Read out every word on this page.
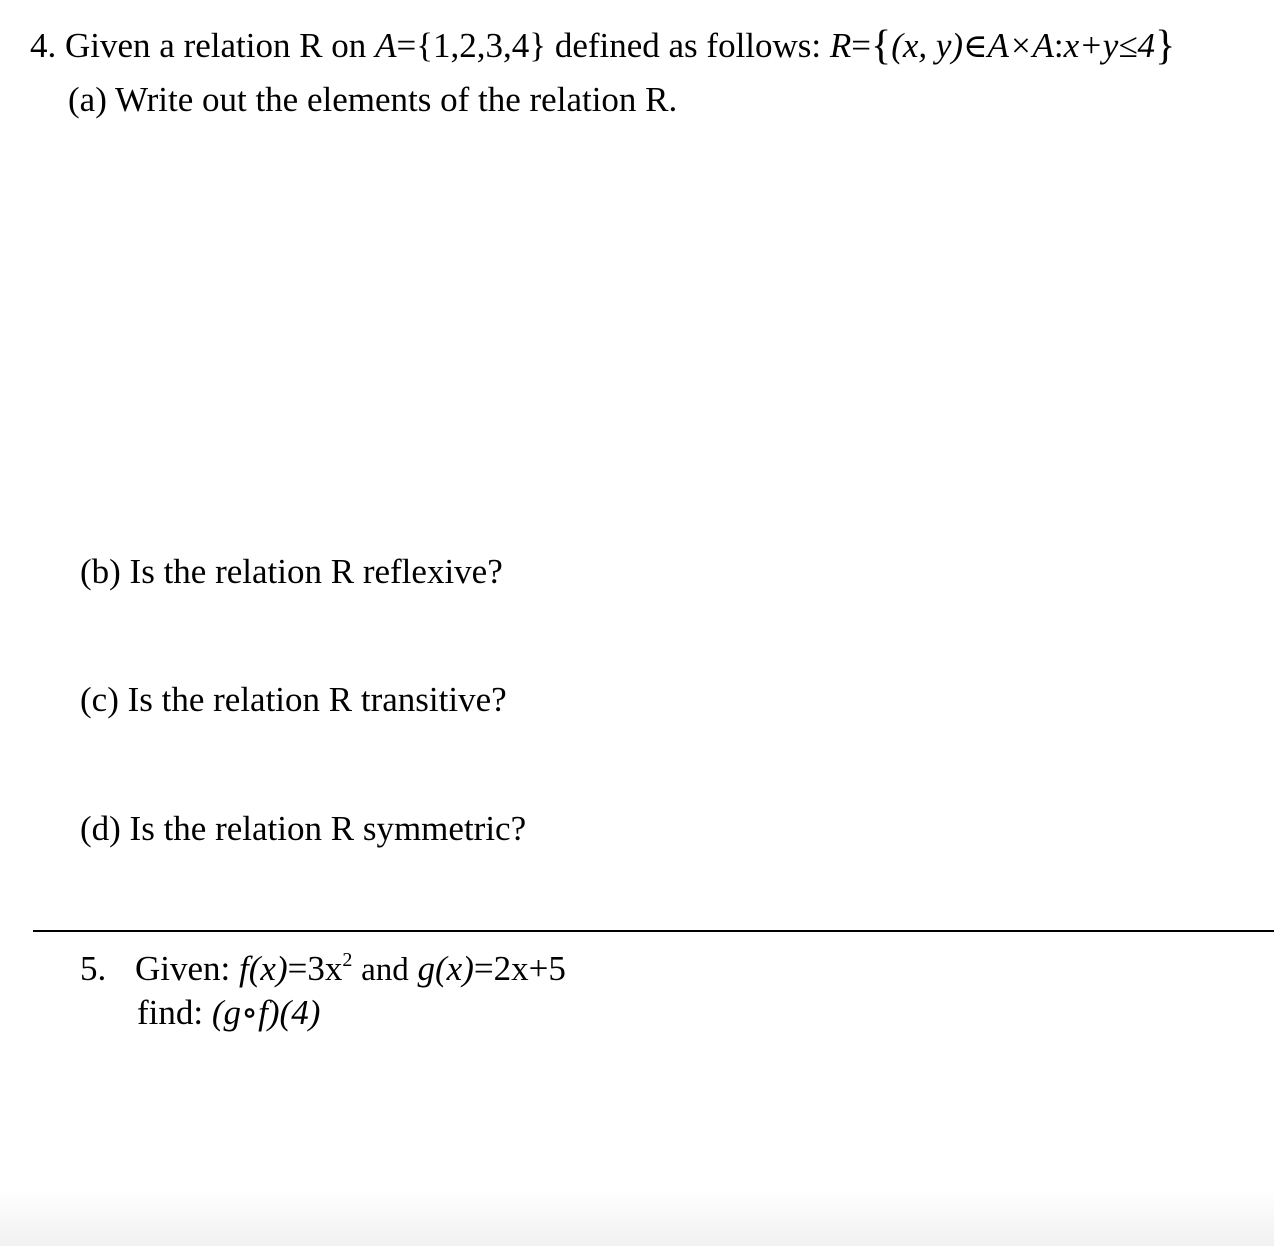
4. Given a relation R on A={1,2,3,4} defined as follows: R={(x, y)∈A×A:x+y≤4}
(a) Write out the elements of the relation R.
(b) Is the relation R reflexive?
(c) Is the relation R transitive?
(d) Is the relation R symmetric?
5. Given: $f(x)=3x^2$ and g(x)=2x+5
find: (g∘f)(4)
